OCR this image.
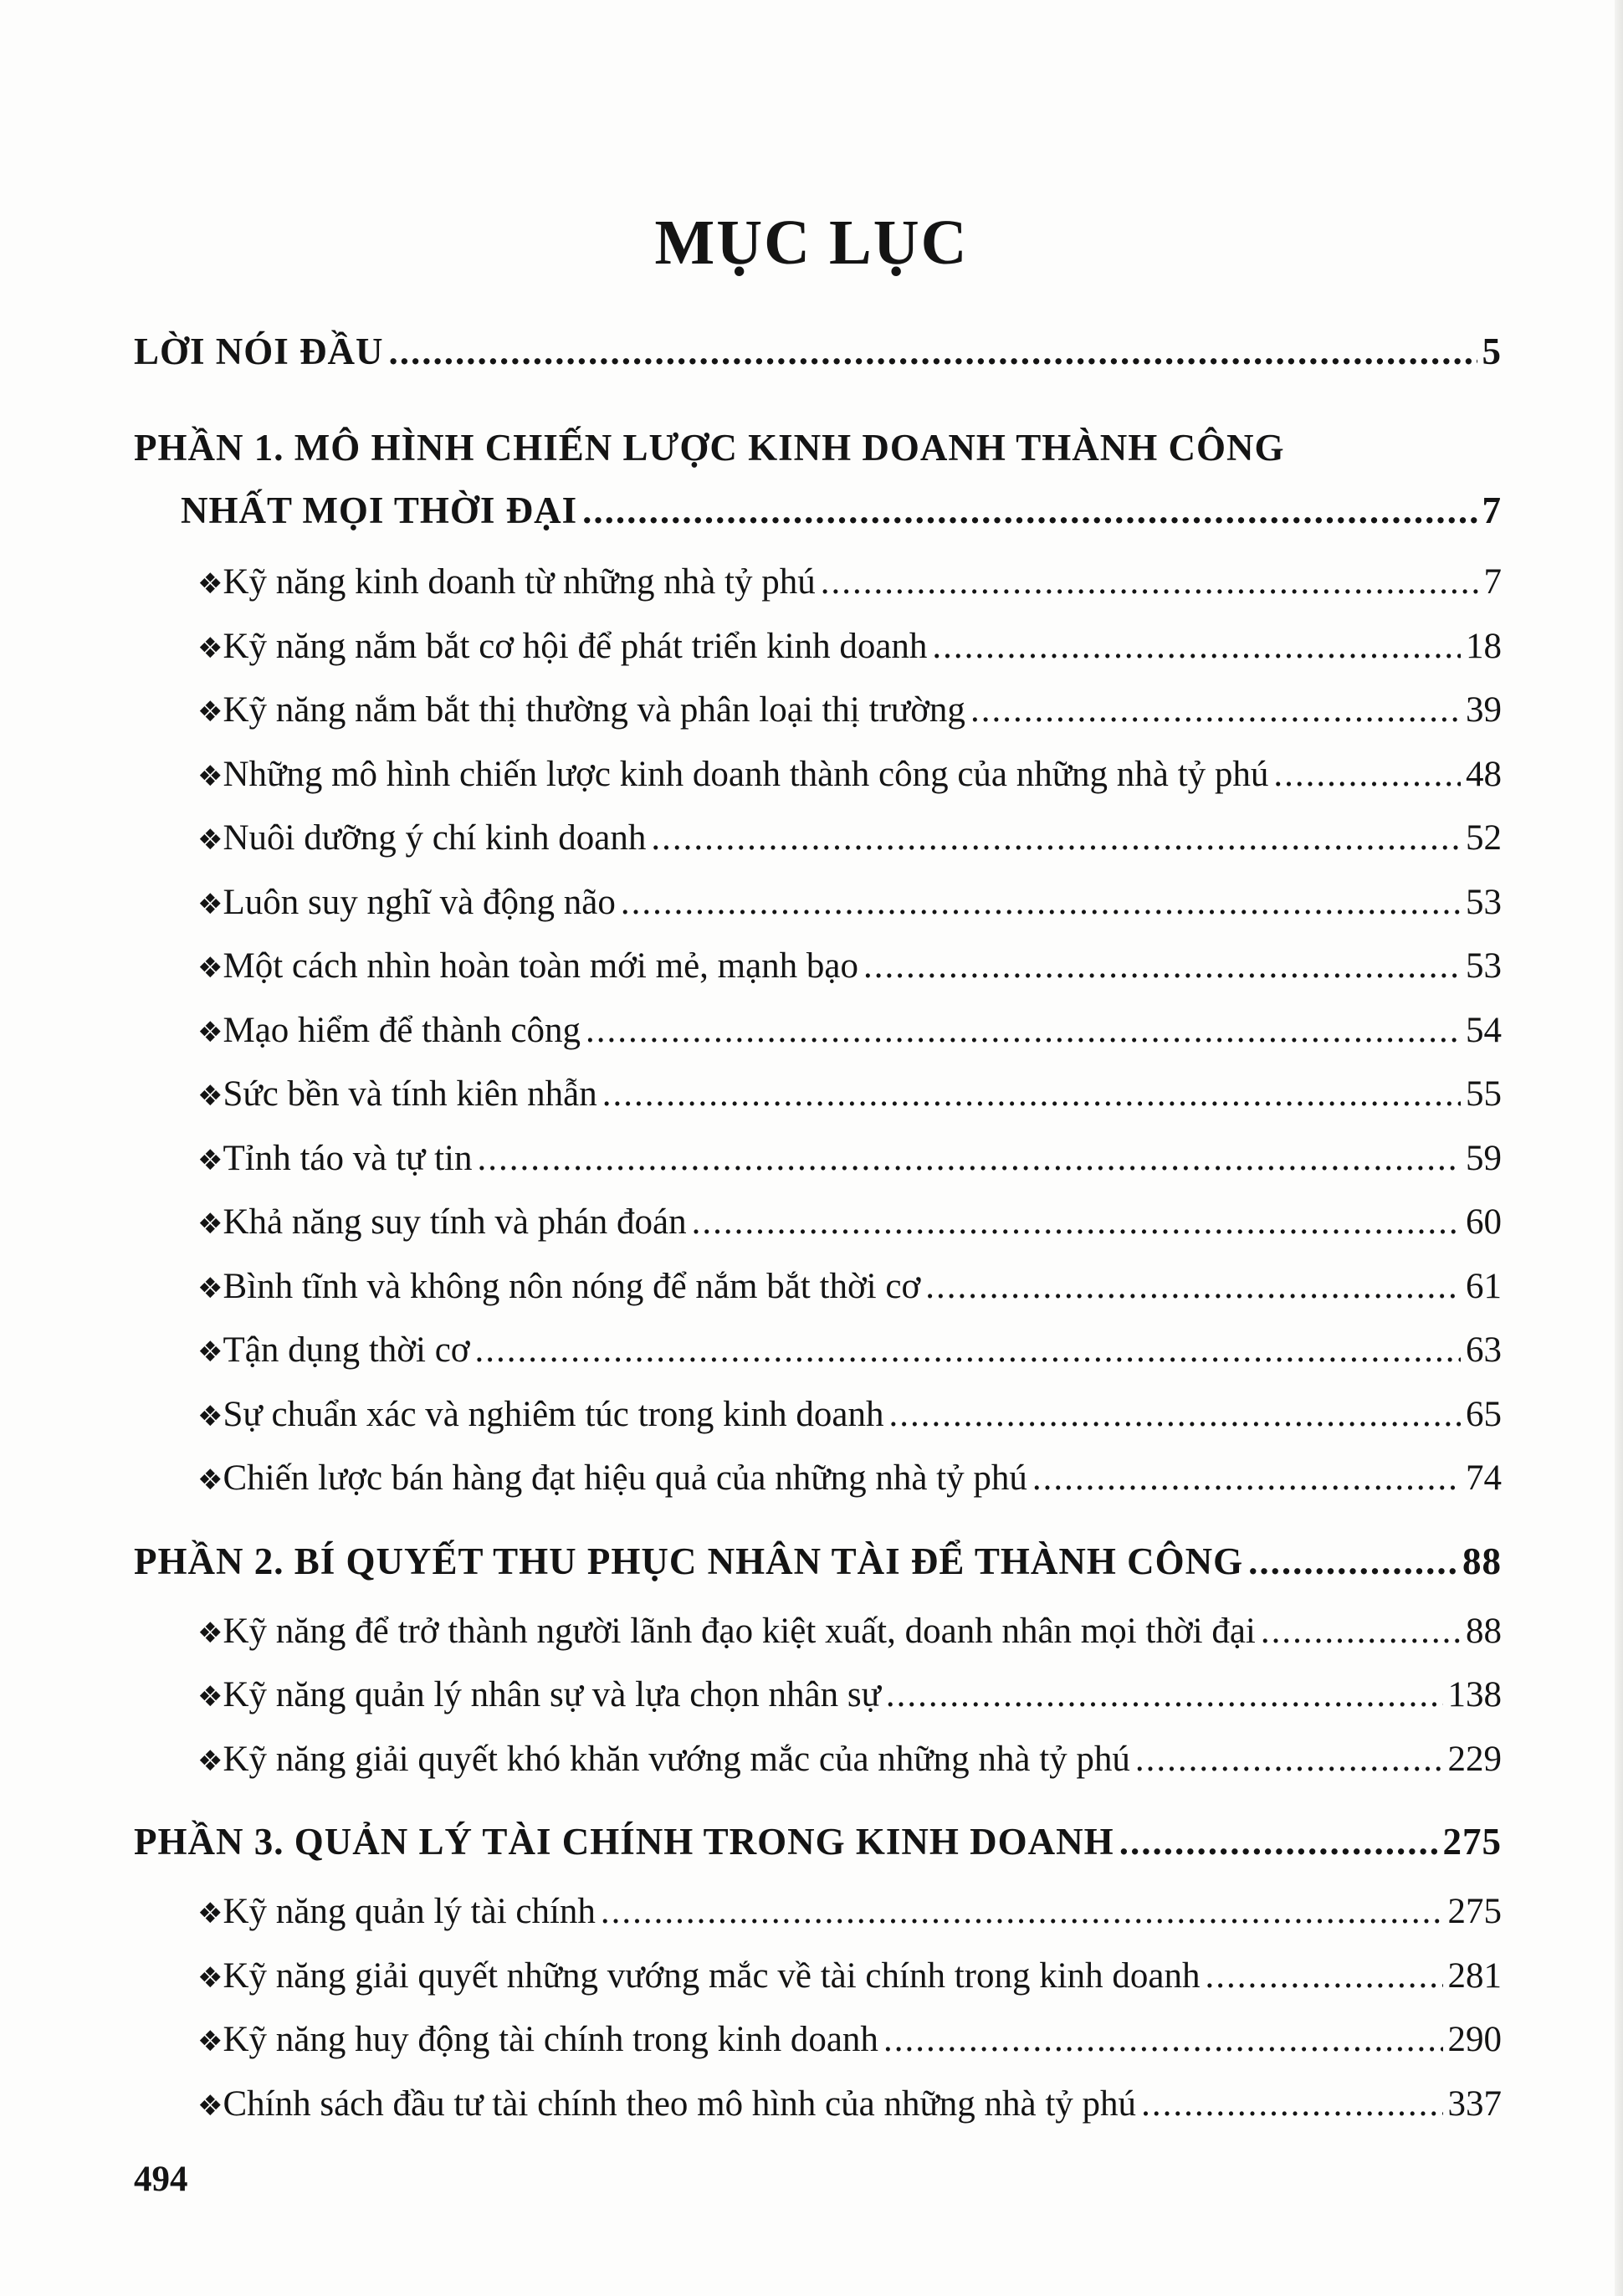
MỤC LỤC
LỜI NÓI ĐẦU .....	5
PHẦN 1. MÔ HÌNH CHIẾN LƯỢC KINH DOANH THÀNH CÔNG
NHẤT MỌI THỜI ĐẠI .....	7
❖ Kỹ năng kinh doanh từ những nhà tỷ phú .....	7
❖ Kỹ năng nắm bắt cơ hội để phát triển kinh doanh .....	18
❖ Kỹ năng nắm bắt thị thường và phân loại thị trường .....	39
❖ Những mô hình chiến lược kinh doanh thành công của những nhà tỷ phú .....	48
❖ Nuôi dưỡng ý chí kinh doanh .....	52
❖ Luôn suy nghĩ và động não .....	53
❖ Một cách nhìn hoàn toàn mới mẻ, mạnh bạo .....	53
❖ Mạo hiểm để thành công .....	54
❖ Sức bền và tính kiên nhẫn .....	55
❖ Tỉnh táo và tự tin .....	59
❖ Khả năng suy tính và phán đoán .....	60
❖ Bình tĩnh và không nôn nóng để nắm bắt thời cơ .....	61
❖ Tận dụng thời cơ .....	63
❖ Sự chuẩn xác và nghiêm túc trong kinh doanh .....	65
❖ Chiến lược bán hàng đạt hiệu quả của những nhà tỷ phú .....	74
PHẦN 2. BÍ QUYẾT THU PHỤC NHÂN TÀI ĐỂ THÀNH CÔNG .....	88
❖ Kỹ năng để trở thành người lãnh đạo kiệt xuất, doanh nhân mọi thời đại .....	88
❖ Kỹ năng quản lý nhân sự và lựa chọn nhân sự .....	138
❖ Kỹ năng giải quyết khó khăn vướng mắc của những nhà tỷ phú .....	229
PHẦN 3. QUẢN LÝ TÀI CHÍNH TRONG KINH DOANH .....	275
❖ Kỹ năng quản lý tài chính .....	275
❖ Kỹ năng giải quyết những vướng mắc về tài chính trong kinh doanh .....	281
❖ Kỹ năng huy động tài chính trong kinh doanh .....	290
❖ Chính sách đầu tư tài chính theo mô hình của những nhà tỷ phú .....	337
494
